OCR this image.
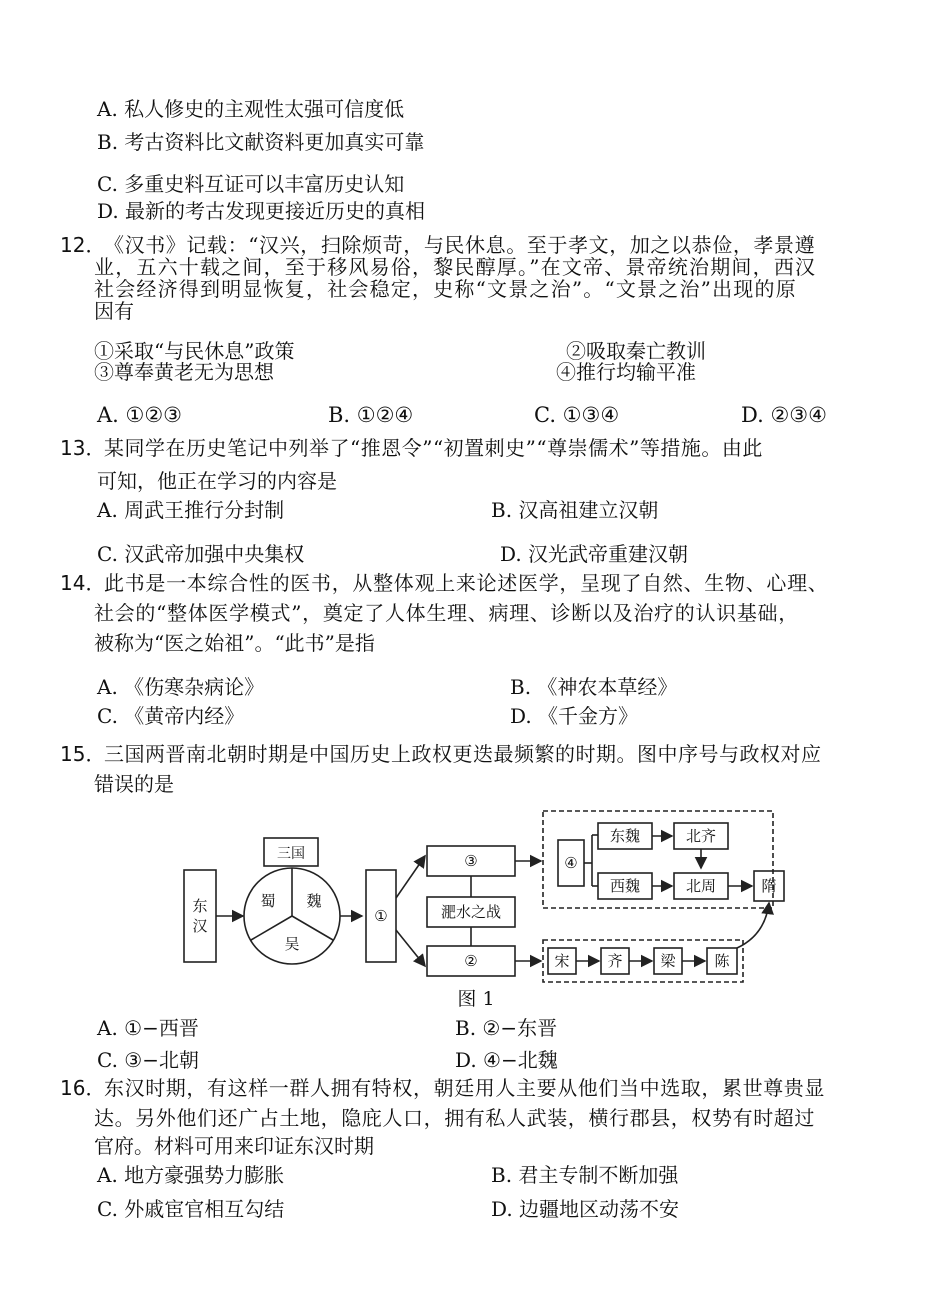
A. 私人修史的主观性太强可信度低
B. 考古资料比文献资料更加真实可靠
C. 多重史料互证可以丰富历史认知
D. 最新的考古发现更接近历史的真相
12．
《汉书》记载：“汉兴，扫除烦苛，与民休息。至于孝文，加之以恭俭，孝景遵
业，五六十载之间，至于移风易俗，黎民醇厚。”在文帝、景帝统治期间，西汉
社会经济得到明显恢复，社会稳定，史称“文景之治”。“文景之治”出现的原
因有
①采取“与民休息”政策	②吸取秦亡教训
③尊奉黄老无为思想	④推行均输平准
A. ①②③	B. ①②④	C. ①③④	D. ②③④
13．
某同学在历史笔记中列举了“推恩令”“初置刺史”“尊崇儒术”等措施。由此
可知，他正在学习的内容是
A. 周武王推行分封制	B. 汉高祖建立汉朝
C. 汉武帝加强中央集权	D. 汉光武帝重建汉朝
14．
此书是一本综合性的医书，从整体观上来论述医学，呈现了自然、生物、心理、
社会的“整体医学模式”，奠定了人体生理、病理、诊断以及治疗的认识基础，
被称为“医之始祖”。“此书”是指
A. 《伤寒杂病论》	B. 《神农本草经》
C. 《黄帝内经》	D. 《千金方》
15．
三国两晋南北朝时期是中国历史上政权更迭最频繁的时期。图中序号与政权对应
错误的是
东
汉
三国
蜀 魏
吴
①
③
淝水之战
②
④
东魏	北齐
西魏	北周	隋
宋	齐	梁	陈
图 1
A. ①−西晋	B. ②−东晋
C. ③−北朝	D. ④−北魏
16．
东汉时期，有这样一群人拥有特权，朝廷用人主要从他们当中选取，累世尊贵显
达。另外他们还广占土地，隐庇人口，拥有私人武装，横行郡县，权势有时超过
官府。材料可用来印证东汉时期
A. 地方豪强势力膨胀	B. 君主专制不断加强
C. 外戚宦官相互勾结	D. 边疆地区动荡不安
